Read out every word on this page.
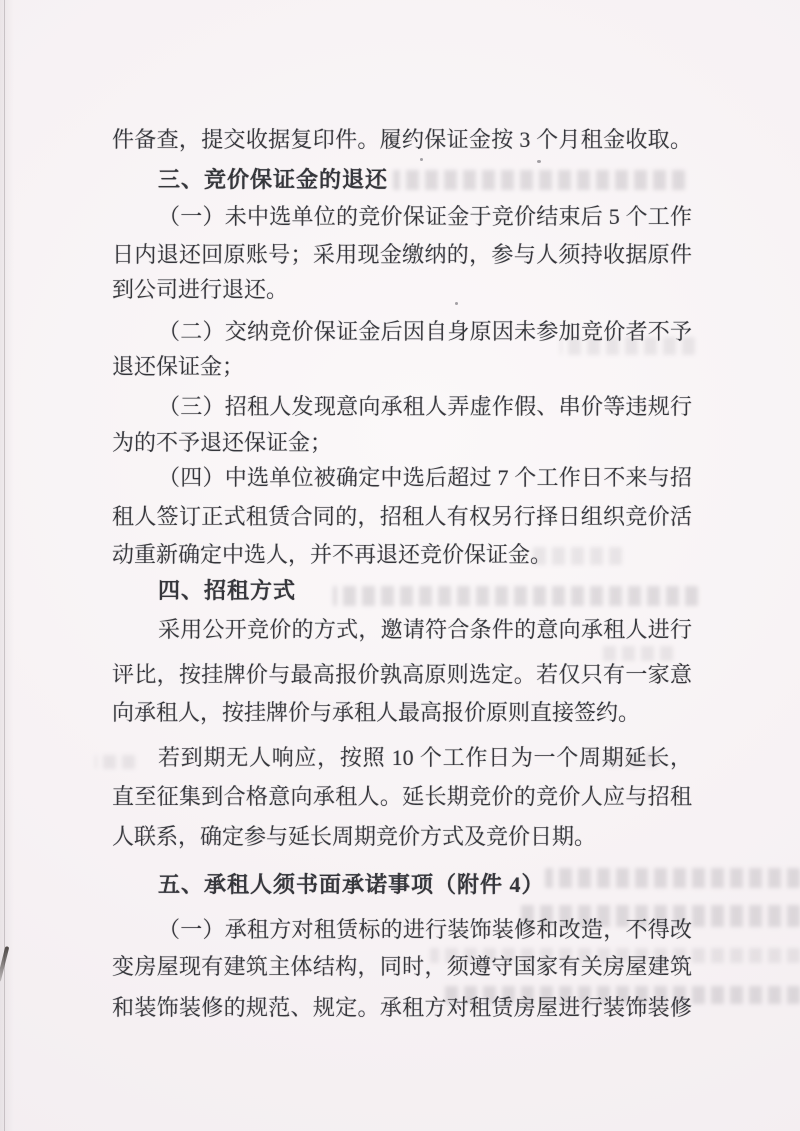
件备查，提交收据复印件。履约保证金按 3 个月租金收取。
三、竞价保证金的退还
（一）未中选单位的竞价保证金于竞价结束后 5 个工作
日内退还回原账号；采用现金缴纳的，参与人须持收据原件
到公司进行退还。
（二）交纳竞价保证金后因自身原因未参加竞价者不予
退还保证金；
（三）招租人发现意向承租人弄虚作假、串价等违规行
为的不予退还保证金；
（四）中选单位被确定中选后超过 7 个工作日不来与招
租人签订正式租赁合同的，招租人有权另行择日组织竞价活
动重新确定中选人，并不再退还竞价保证金。
四、招租方式
采用公开竞价的方式，邀请符合条件的意向承租人进行
评比，按挂牌价与最高报价孰高原则选定。若仅只有一家意
向承租人，按挂牌价与承租人最高报价原则直接签约。
若到期无人响应，按照 10 个工作日为一个周期延长，
直至征集到合格意向承租人。延长期竞价的竞价人应与招租
人联系，确定参与延长周期竞价方式及竞价日期。
五、承租人须书面承诺事项（附件 4）
（一）承租方对租赁标的进行装饰装修和改造，不得改
变房屋现有建筑主体结构，同时，须遵守国家有关房屋建筑
和装饰装修的规范、规定。承租方对租赁房屋进行装饰装修
